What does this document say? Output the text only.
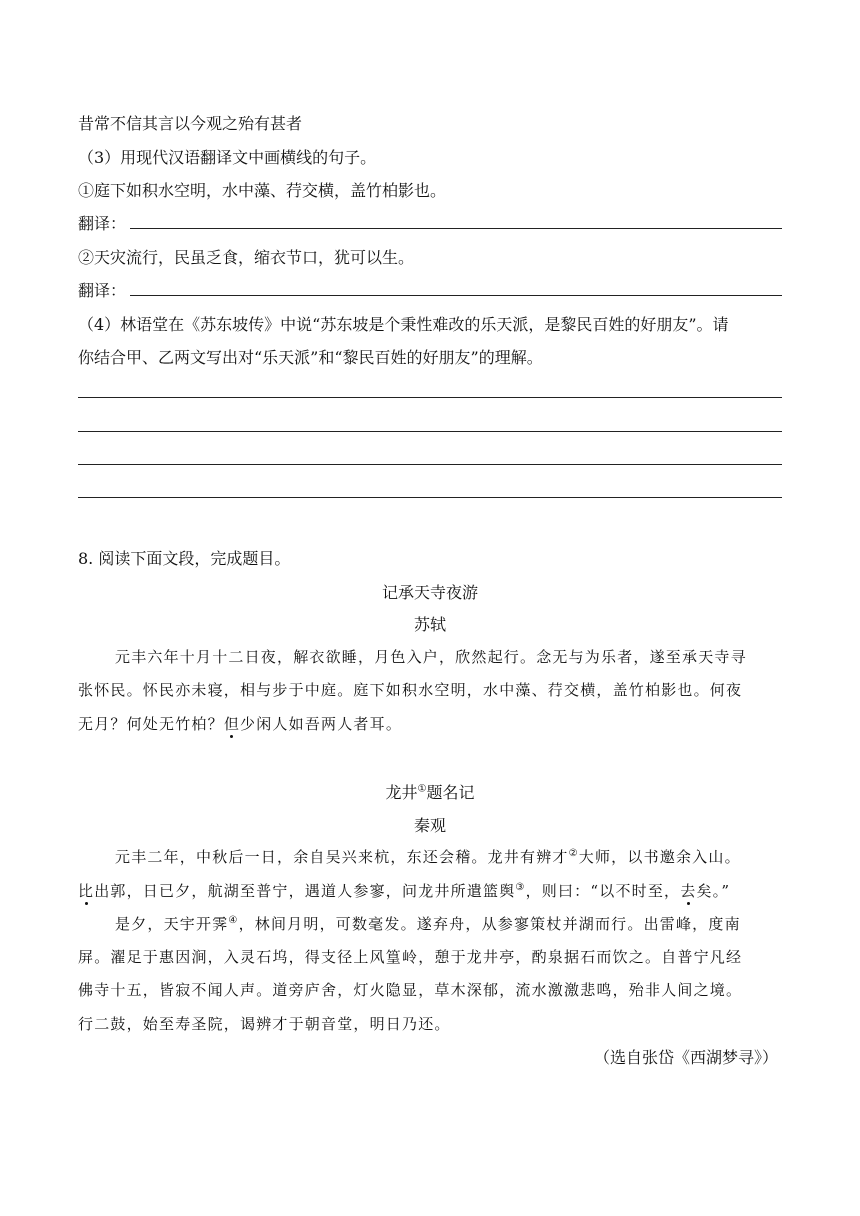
昔常不信其言以今观之殆有甚者
（3）用现代汉语翻译文中画横线的句子。
①庭下如积水空明，水中藻、荇交横，盖竹柏影也。
翻译：
②天灾流行，民虽乏食，缩衣节口，犹可以生。
翻译：
（4）林语堂在《苏东坡传》中说“苏东坡是个秉性难改的乐天派，是黎民百姓的好朋友”。请
你结合甲、乙两文写出对“乐天派”和“黎民百姓的好朋友”的理解。
8. 阅读下面文段，完成题目。
记承天寺夜游
苏轼
元丰六年十月十二日夜，解衣欲睡，月色入户，欣然起行。念无与为乐者，遂至承天寺寻
张怀民。怀民亦未寝，相与步于中庭。庭下如积水空明，水中藻、荇交横，盖竹柏影也。何夜
无月？何处无竹柏？但少闲人如吾两人者耳。
龙井①题名记
秦观
元丰二年，中秋后一日，余自吴兴来杭，东还会稽。龙井有辨才②大师，以书邀余入山。
比出郭，日已夕，航湖至普宁，遇道人参寥，问龙井所遣篮舆③，则曰：“以不时至，去矣。”
是夕，天宇开霁④，林间月明，可数毫发。遂弃舟，从参寥策杖并湖而行。出雷峰，度南
屏。濯足于惠因涧，入灵石坞，得支径上风篁岭，憩于龙井亭，酌泉据石而饮之。自普宁凡经
佛寺十五，皆寂不闻人声。道旁庐舍，灯火隐显，草木深郁，流水激激悲鸣，殆非人间之境。
行二鼓，始至寿圣院，谒辨才于朝音堂，明日乃还。
（选自张岱《西湖梦寻》）
